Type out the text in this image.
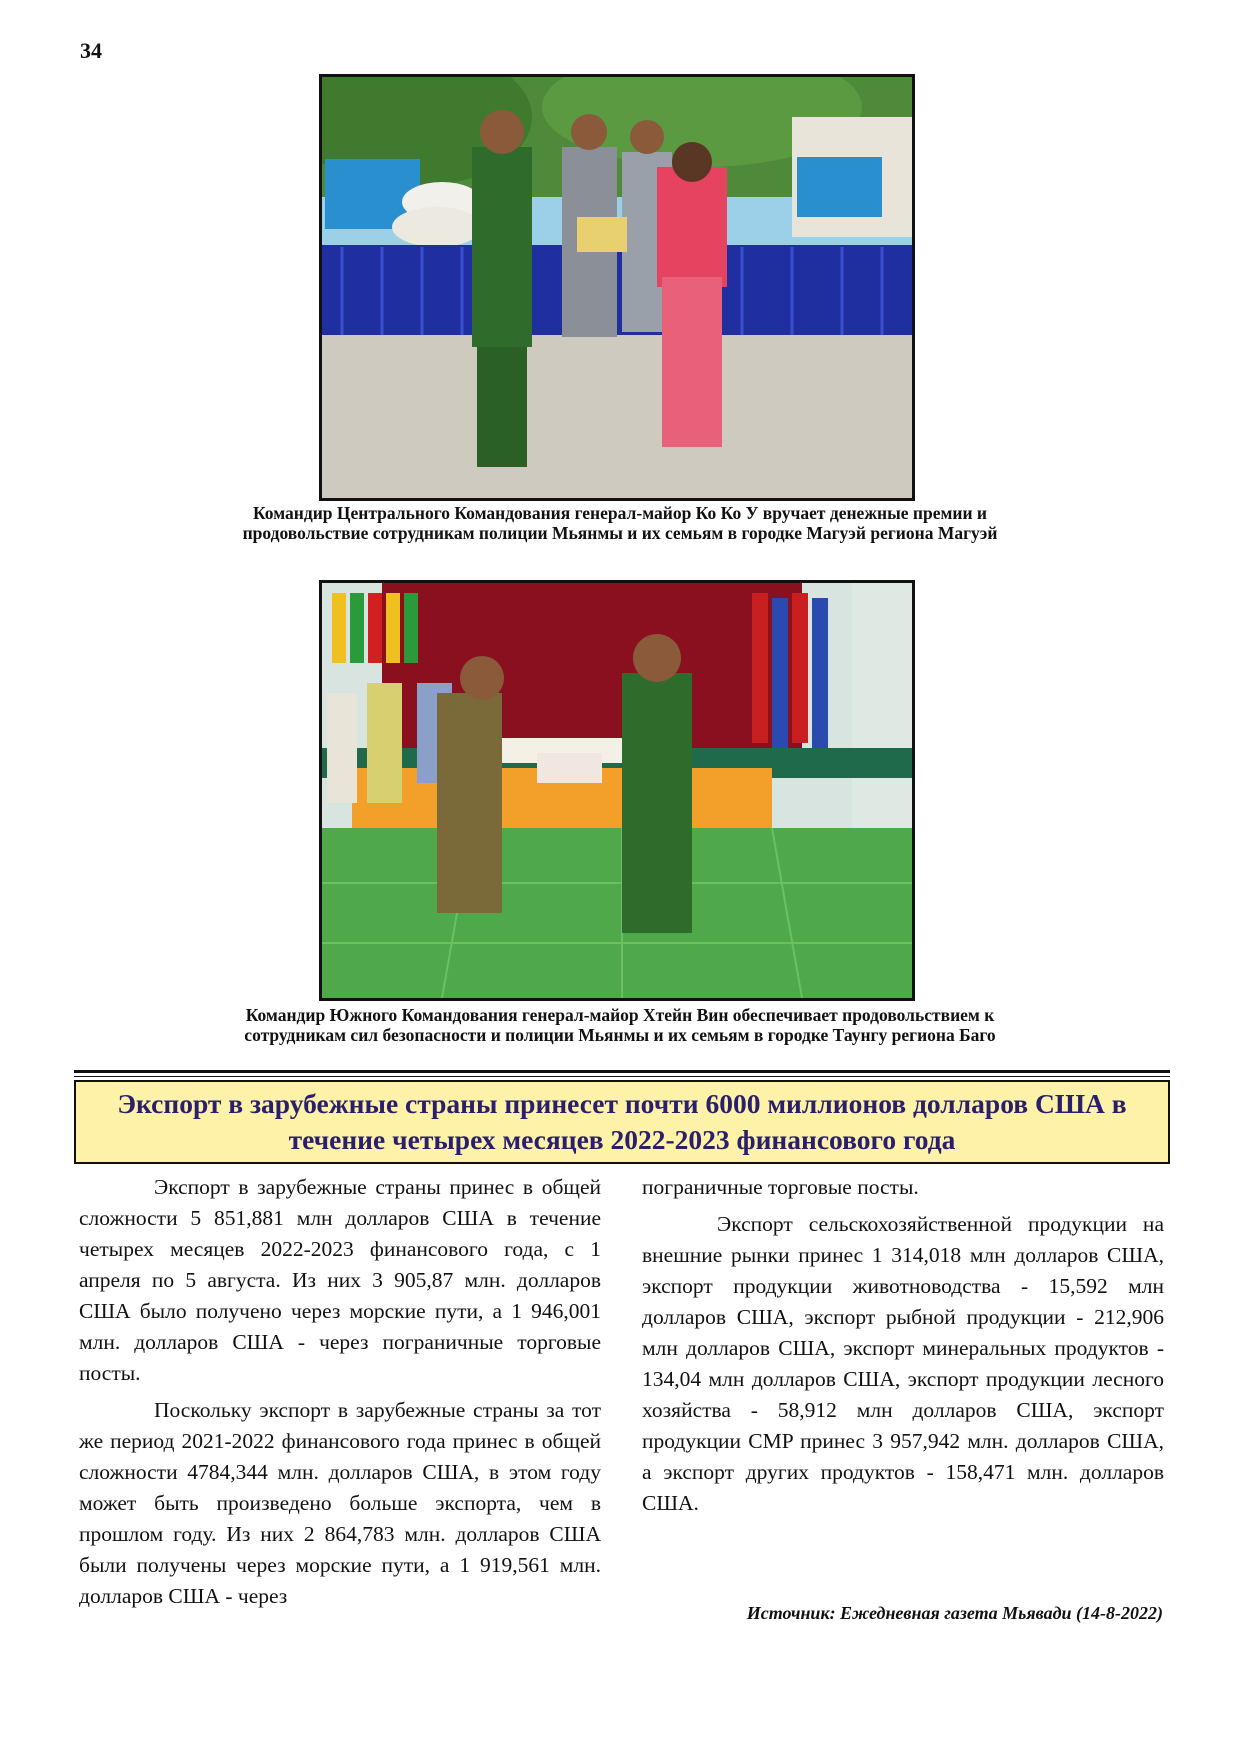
34
Командир Центрального Командования генерал-майор Ко Ко У вручает денежные премии и продовольствие сотрудникам полиции Мьянмы и их семьям в городке Магуэй региона Магуэй
Командир Южного Командования генерал-майор Хтейн Вин обеспечивает продовольствием к сотрудникам сил безопасности и полиции Мьянмы и их семьям в городке Таунгу региона Баго
Экспорт в зарубежные страны принесет почти 6000 миллионов долларов США в течение четырех месяцев 2022-2023 финансового года

Экспорт в зарубежные страны принес в общей сложности 5 851,881 млн долларов США в течение четырех месяцев 2022-2023 финансового года, с 1 апреля по 5 августа. Из них 3 905,87 млн. долларов США было получено через морские пути, а 1 946,001 млн. долларов США - через пограничные торговые посты.

Поскольку экспорт в зарубежные страны за тот же период 2021-2022 финансового года принес в общей сложности 4784,344 млн. долларов США, в этом году может быть произведено больше экспорта, чем в прошлом году. Из них 2 864,783 млн. долларов США были получены через морские пути, а 1 919,561 млн. долларов США - через

пограничные торговые посты.

Экспорт сельскохозяйственной продукции на внешние рынки принес 1 314,018 млн долларов США, экспорт продукции животноводства - 15,592 млн долларов США, экспорт рыбной продукции - 212,906 млн долларов США, экспорт минеральных продуктов - 134,04 млн долларов США, экспорт продукции лесного хозяйства - 58,912 млн долларов США, экспорт продукции CMP принес 3 957,942 млн. долларов США, а экспорт других продуктов - 158,471 млн. долларов США.

Источник: Ежедневная газета Мьявади (14-8-2022)
